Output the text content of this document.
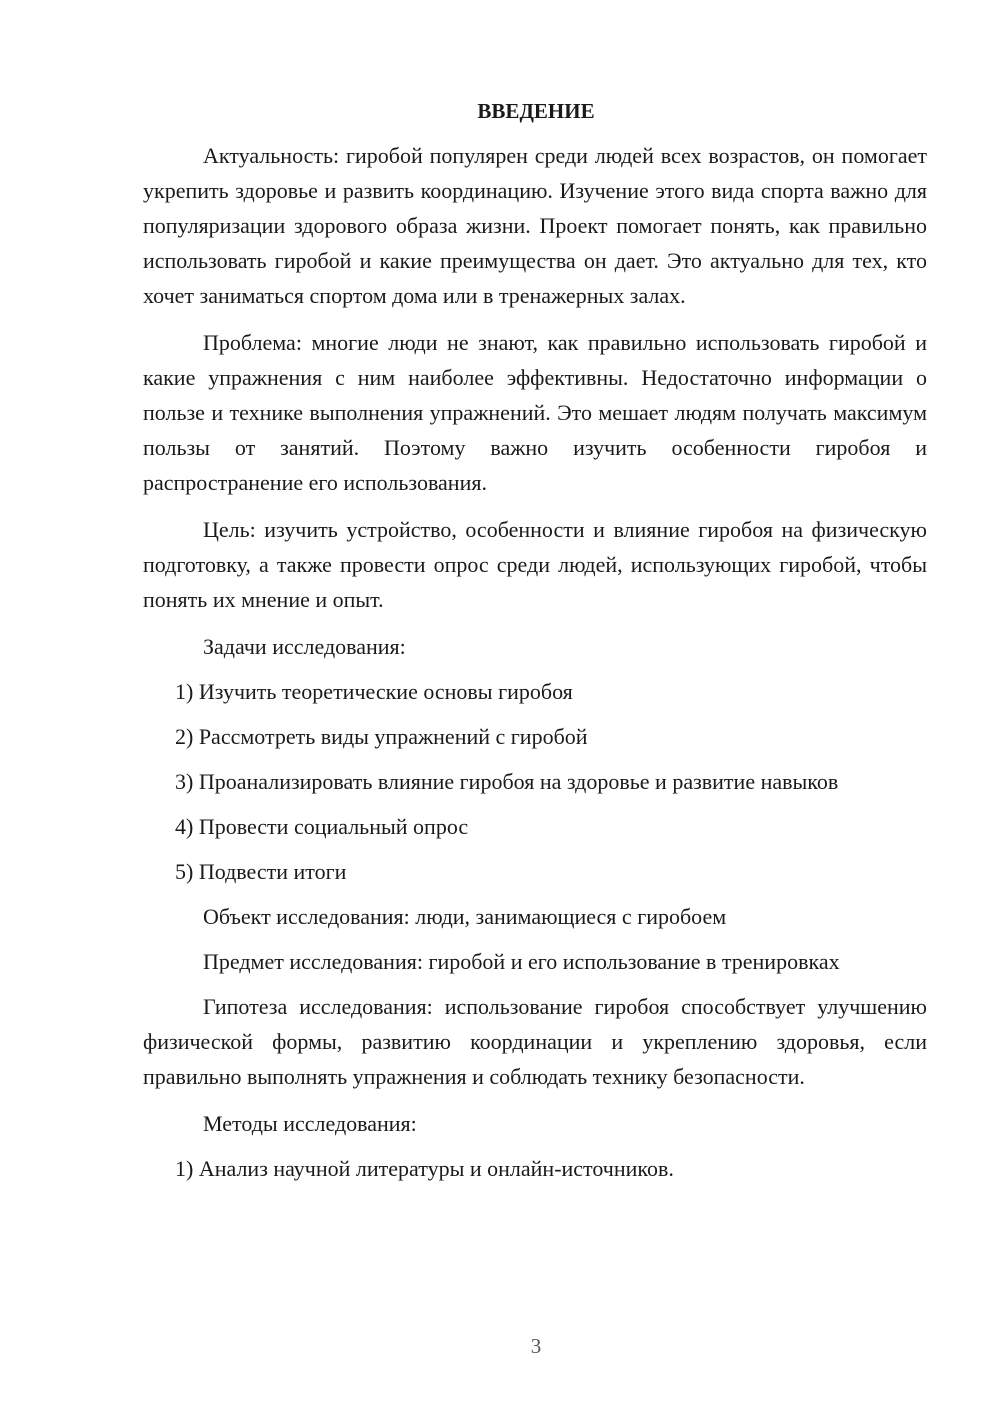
ВВЕДЕНИЕ

Актуальность: гиробой популярен среди людей всех возрастов, он помогает укрепить здоровье и развить координацию. Изучение этого вида спорта важно для популяризации здорового образа жизни. Проект помогает понять, как правильно использовать гиробой и какие преимущества он дает. Это актуально для тех, кто хочет заниматься спортом дома или в тренажерных залах.

Проблема: многие люди не знают, как правильно использовать гиробой и какие упражнения с ним наиболее эффективны. Недостаточно информации о пользе и технике выполнения упражнений. Это мешает людям получать максимум пользы от занятий. Поэтому важно изучить особенности гиробоя и распространение его использования.

Цель: изучить устройство, особенности и влияние гиробоя на физическую подготовку, а также провести опрос среди людей, использующих гиробой, чтобы понять их мнение и опыт.

Задачи исследования:

1) Изучить теоретические основы гиробоя

2) Рассмотреть виды упражнений с гиробой

3) Проанализировать влияние гиробоя на здоровье и развитие навыков

4) Провести социальный опрос

5) Подвести итоги

Объект исследования: люди, занимающиеся с гиробоем

Предмет исследования: гиробой и его использование в тренировках

Гипотеза исследования: использование гиробоя способствует улучшению физической формы, развитию координации и укреплению здоровья, если правильно выполнять упражнения и соблюдать технику безопасности.

Методы исследования:

1) Анализ научной литературы и онлайн-источников.

3
